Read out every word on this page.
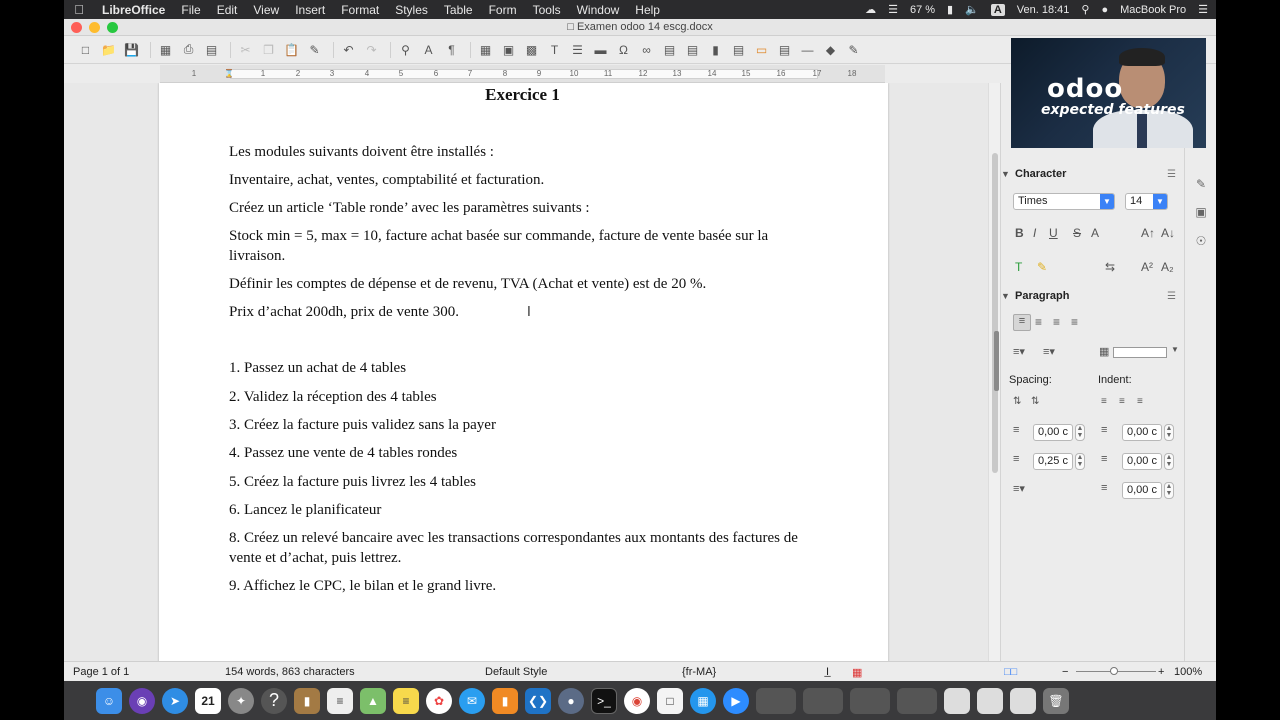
LibreOffice	File	Edit	View	Insert	Format	Styles	Table	Form	Tools	Window	Help	☁ ☰ 67 % ▮ 🔈 A Ven. 18:41 ⚲ ● MacBook Pro ☰
□ Examen odoo 14 escg.docx
□ 📁 💾	▦	⎙	▤	✂	❐ 📋 ✎	↶	↷	⚲	A	¶	▦ ▣ ▩	T	☰ ▬	Ω	∞	▤ ▤	▮	▤ ▭ ▤ —	◆	✎
1	⌛	1	2	3	4	5	6	7	8	9	10	11	12	13	14	15	16	17	18
Exercice 1
Les modules suivants doivent être installés :
Inventaire, achat, ventes, comptabilité et facturation.
Créez un article ‘Table ronde’ avec les paramètres suivants :
Stock min = 5, max = 10, facture achat basée sur commande, facture de vente basée sur la livraison.
Définir les comptes de dépense et de revenu, TVA (Achat et vente) est de 20 %.
Prix d’achat 200dh, prix de vente 300.
1. Passez un achat de 4 tables
2. Validez la réception des 4 tables
3. Créez la facture puis validez sans la payer
4. Passez une vente de 4 tables rondes
5. Créez la facture puis livrez les 4 tables
6. Lancez le planificateur
8. Créez un relevé bancaire avec les transactions correspondantes aux montants des factures de vente et d’achat, puis lettrez.
9. Affichez le CPC, le bilan et le grand livre.
I
▼ Character	☰
Times	▼	14	▼
B I U S A	A↑ A↓
T ✎	⇆ A² A₂
▼ Paragraph	☰
≡ ≡ ≡ ≡
≡▾ ≡▾	▦	▼
Spacing:	Indent:
⇅ ⇅	≡ ≡ ≡
≡	0,00 c	▲
▼ ≡	0,00 c	▲
▼
≡	0,25 c	▲
▼ ≡	0,00 c	▲
▼
≡▾	≡	0,00 c	▲
▼
✎
▣
☉
Page 1 of 1	154 words, 863 characters	Default Style	{fr-MA}	I̲ ▦	□□	−	+ 100%
odoo
expected features
☺	◉	➤	21	✦	?	▮	≡	▲	≡	✿	✉	▮	❮❯	●	>_	◉	□	▦	▶	🗑
